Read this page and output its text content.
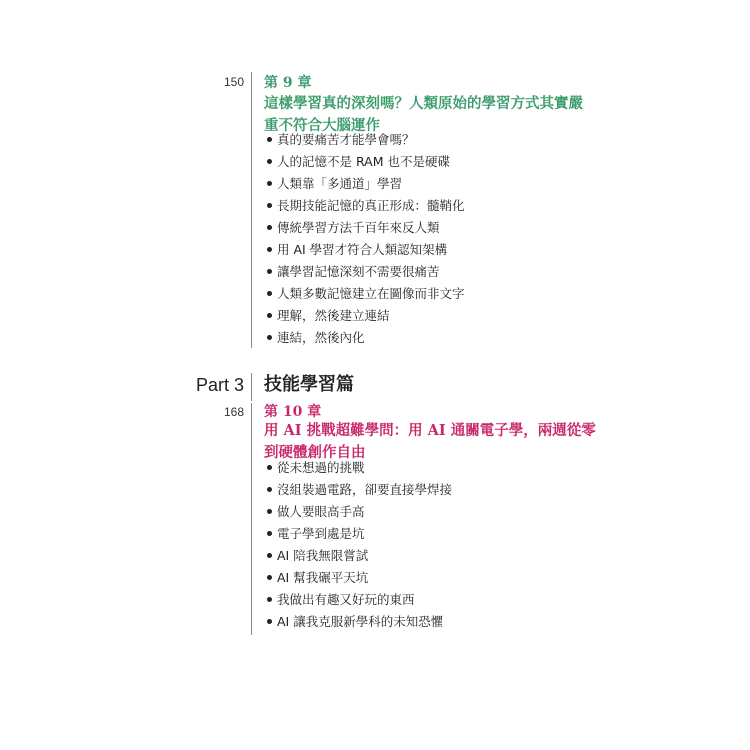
150 第 9 章
這樣學習真的深刻嗎？人類原始的學習方式其實嚴
重不符合大腦運作
真的要痛苦才能學會嗎？
人的記憶不是 RAM 也不是硬碟
人類靠「多通道」學習
長期技能記憶的真正形成：髓鞘化
傳統學習方法千百年來反人類
用 AI 學習才符合人類認知架構
讓學習記憶深刻不需要很痛苦
人類多數記憶建立在圖像而非文字
理解，然後建立連結
連結，然後內化
Part 3 技能學習篇
168 第 10 章
用 AI 挑戰超難學問：用 AI 通關電子學，兩週從零
到硬體創作自由
從未想過的挑戰
沒組裝過電路，卻要直接學焊接
做人要眼高手高
電子學到處是坑
AI 陪我無限嘗試
AI 幫我碾平天坑
我做出有趣又好玩的東西
AI 讓我克服新學科的未知恐懼
